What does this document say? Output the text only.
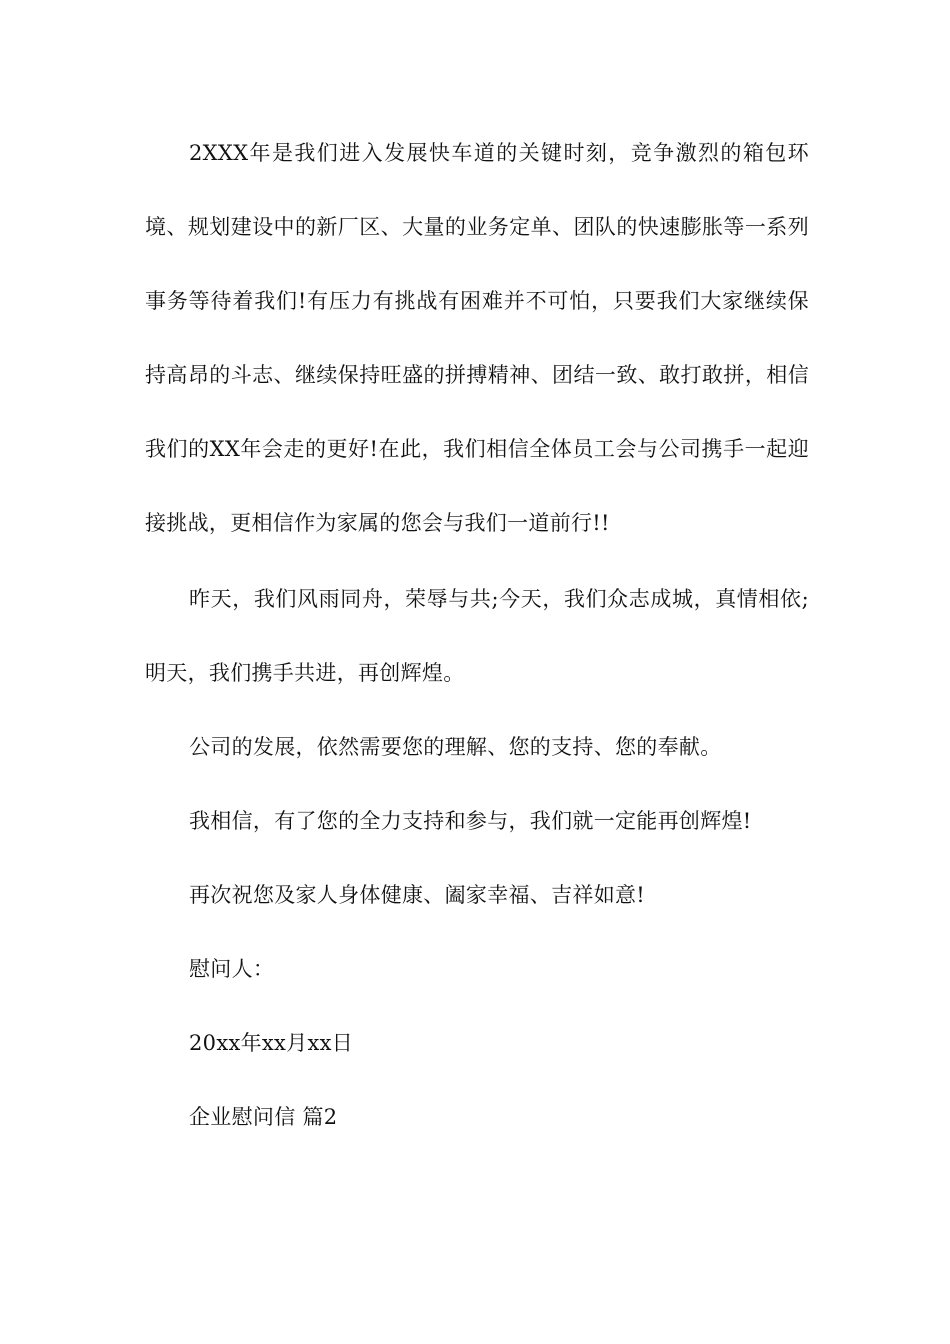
2XXX年是我们进入发展快车道的关键时刻，竞争激烈的箱包环境、规划建设中的新厂区、大量的业务定单、团队的快速膨胀等一系列事务等待着我们!有压力有挑战有困难并不可怕，只要我们大家继续保持高昂的斗志、继续保持旺盛的拼搏精神、团结一致、敢打敢拼，相信我们的XX年会走的更好!在此，我们相信全体员工会与公司携手一起迎接挑战，更相信作为家属的您会与我们一道前行!!

昨天，我们风雨同舟，荣辱与共;今天，我们众志成城，真情相依;明天，我们携手共进，再创辉煌。

公司的发展，依然需要您的理解、您的支持、您的奉献。

我相信，有了您的全力支持和参与，我们就一定能再创辉煌!

再次祝您及家人身体健康、阖家幸福、吉祥如意!

慰问人：

20xx年xx月xx日

企业慰问信 篇2
